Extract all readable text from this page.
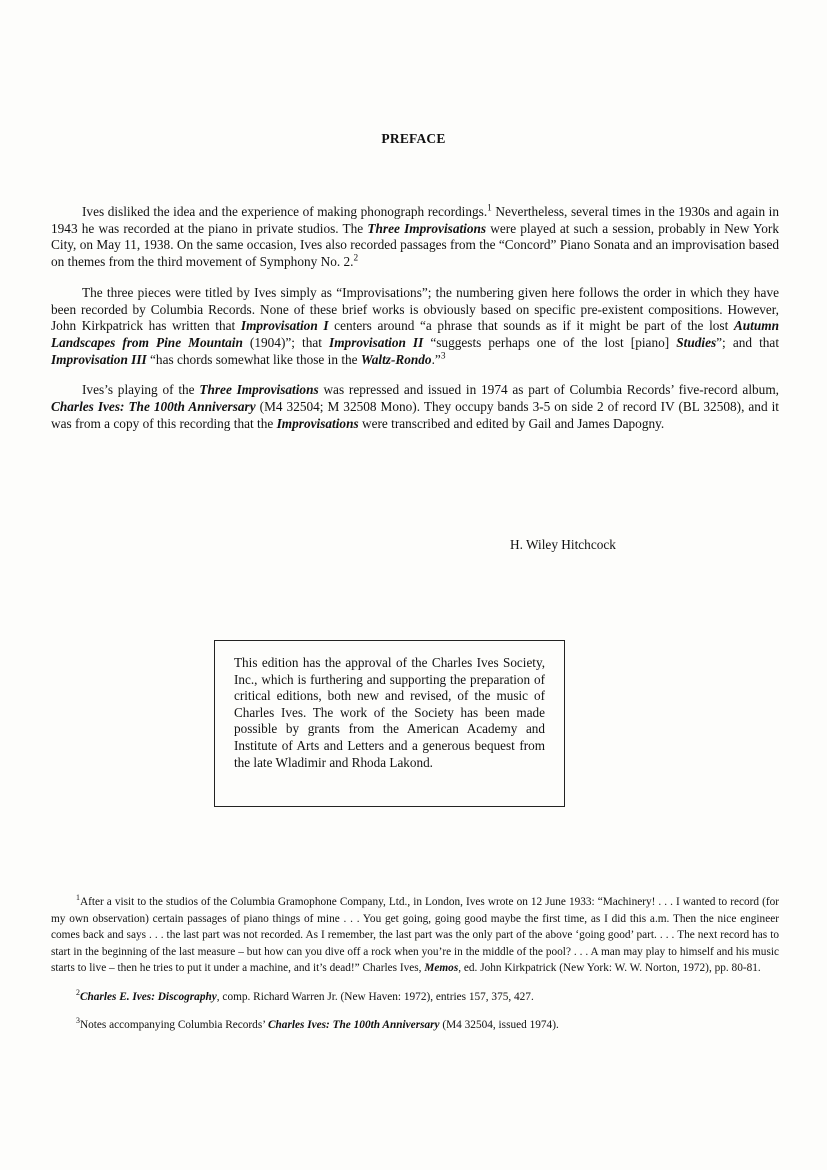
PREFACE

Ives disliked the idea and the experience of making phonograph recordings.$^1$ Nevertheless, several times in the 1930s and again in 1943 he was recorded at the piano in private studios. The Three Improvisations were played at such a session, probably in New York City, on May 11, 1938. On the same occasion, Ives also recorded passages from the “Concord” Piano Sonata and an improvisation based on themes from the third movement of Symphony No. 2.$^2$

The three pieces were titled by Ives simply as “Improvisations”; the numbering given here follows the order in which they have been recorded by Columbia Records. None of these brief works is obviously based on specific pre-existent compositions. However, John Kirkpatrick has written that Improvisation I centers around “a phrase that sounds as if it might be part of the lost Autumn Landscapes from Pine Mountain (1904)”; that Improvisation II “suggests perhaps one of the lost [piano] Studies”; and that Improvisation III “has chords somewhat like those in the Waltz-Rondo.”$^3$

Ives’s playing of the Three Improvisations was repressed and issued in 1974 as part of Columbia Records’ five-record album, Charles Ives: The 100th Anniversary (M4 32504; M 32508 Mono). They occupy bands 3-5 on side 2 of record IV (BL 32508), and it was from a copy of this recording that the Improvisations were transcribed and edited by Gail and James Dapogny.

H. Wiley Hitchcock
This edition has the approval of the Charles Ives Society, Inc., which is furthering and supporting the preparation of critical editions, both new and revised, of the music of Charles Ives. The work of the Society has been made possible by grants from the American Academy and Institute of Arts and Letters and a generous bequest from the late Wladimir and Rhoda Lakond.

$^1$After a visit to the studios of the Columbia Gramophone Company, Ltd., in London, Ives wrote on 12 June 1933: “Machinery! . . . I wanted to record (for my own observation) certain passages of piano things of mine . . . You get going, going good maybe the first time, as I did this a.m. Then the nice engineer comes back and says . . . the last part was not recorded. As I remember, the last part was the only part of the above ‘going good’ part. . . . The next record has to start in the beginning of the last measure – but how can you dive off a rock when you’re in the middle of the pool? . . . A man may play to himself and his music starts to live – then he tries to put it under a machine, and it’s dead!” Charles Ives, Memos, ed. John Kirkpatrick (New York: W. W. Norton, 1972), pp. 80-81.

$^2$Charles E. Ives: Discography, comp. Richard Warren Jr. (New Haven: 1972), entries 157, 375, 427.

$^3$Notes accompanying Columbia Records’ Charles Ives: The 100th Anniversary (M4 32504, issued 1974).
